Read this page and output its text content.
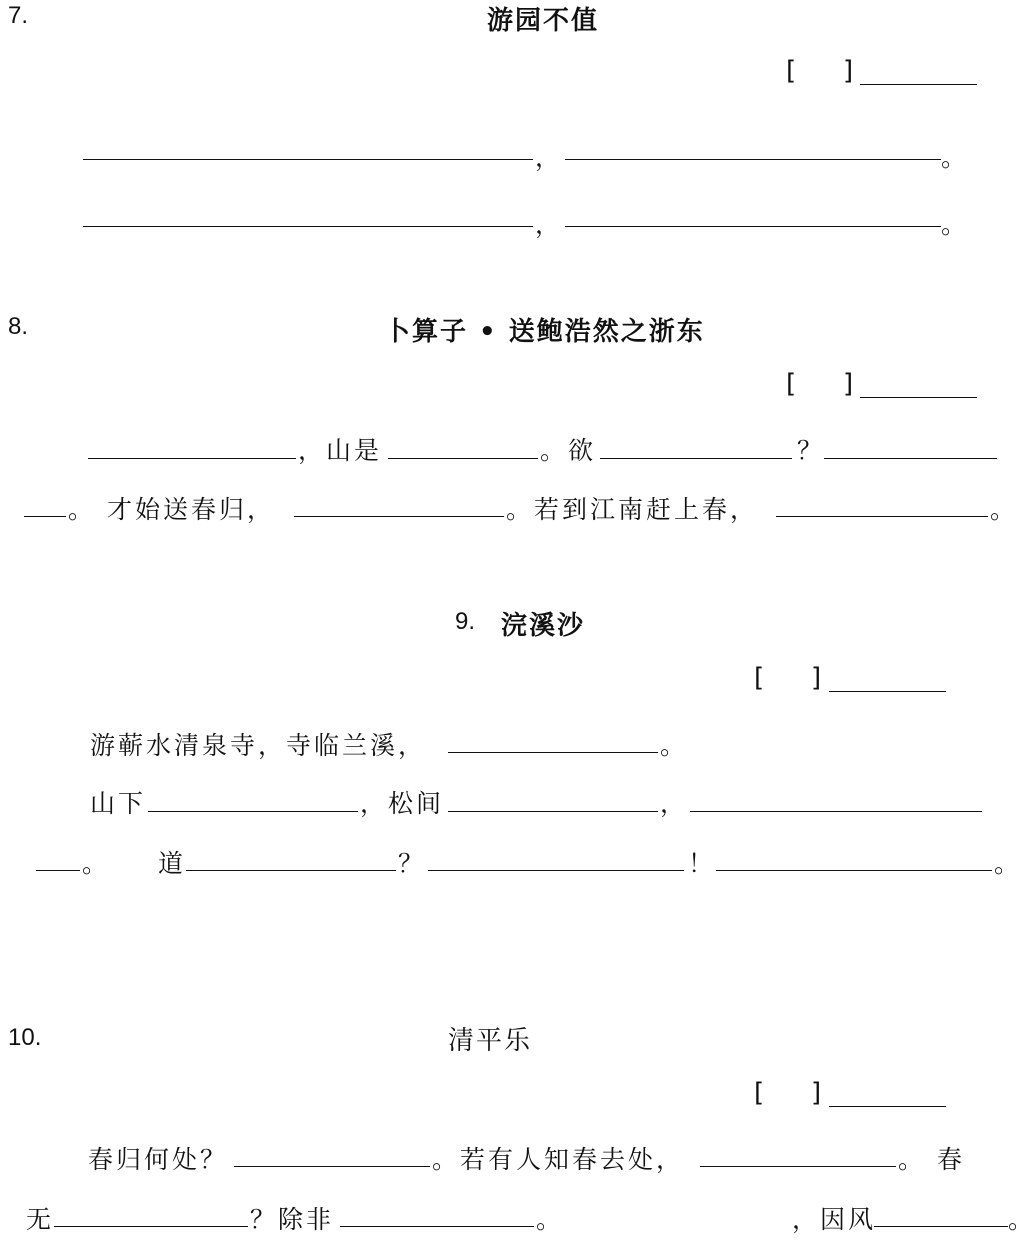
7.	游园不值
[ ]
，	。
，	。
8.	卜算子 • 送鲍浩然之浙东
[ ]
，山是	。欲	？
。 才始送春归，	。若到江南赶上春，	。
9. 浣溪沙
[ ]
游蕲水清泉寺，寺临兰溪，	。
山下	，松间	，
。 道	？	！	。
10.	清平乐
[ ]
春归何处？	。若有人知春去处，	。 春
无	？除非	。	，因风	。
